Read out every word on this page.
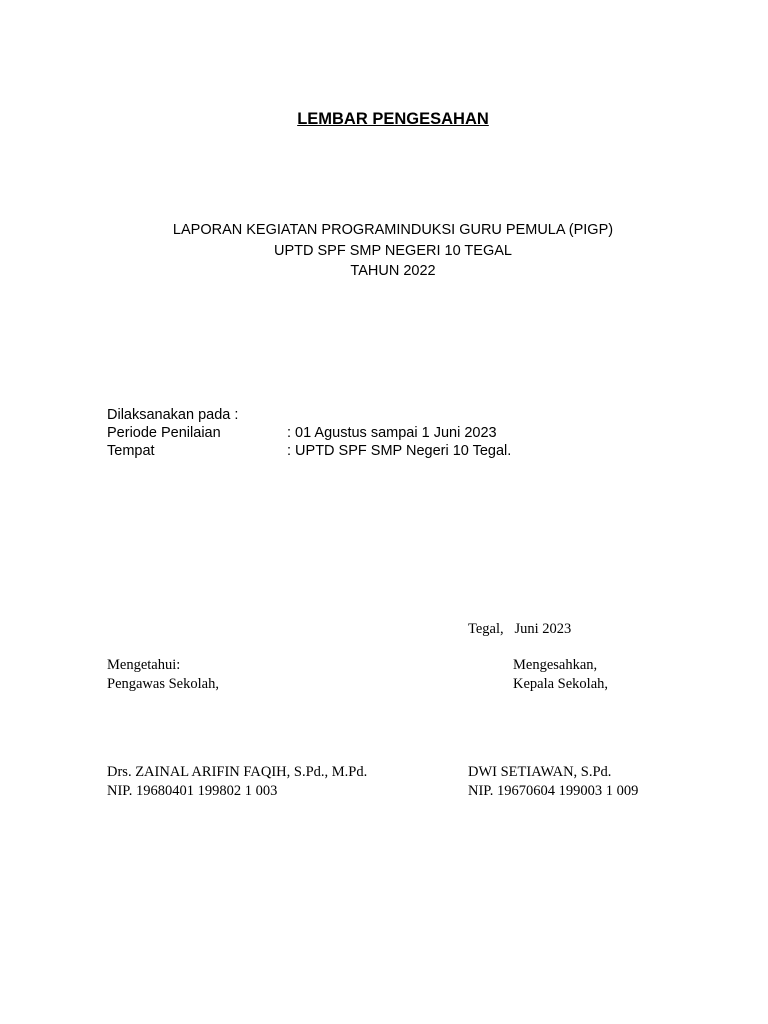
LEMBAR PENGESAHAN
LAPORAN KEGIATAN PROGRAMINDUKSI GURU PEMULA (PIGP)
UPTD SPF SMP NEGERI 10 TEGAL
TAHUN 2022
Dilaksanakan pada :
Periode Penilaian	: 01 Agustus sampai 1 Juni 2023
Tempat	: UPTD SPF SMP Negeri 10 Tegal.
Tegal,   Juni 2023
Mengetahui:
Pengawas Sekolah,
Mengesahkan,
Kepala Sekolah,
Drs. ZAINAL ARIFIN FAQIH, S.Pd., M.Pd.
NIP. 19680401 199802 1 003
DWI SETIAWAN, S.Pd.
NIP. 19670604 199003 1 009
